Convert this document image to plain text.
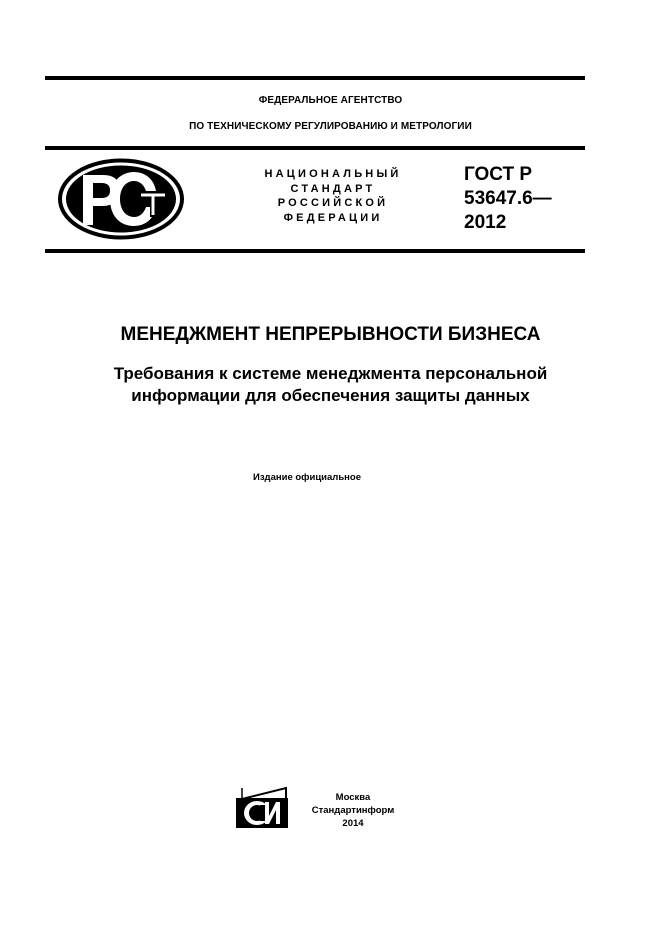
ФЕДЕРАЛЬНОЕ АГЕНТСТВО
ПО ТЕХНИЧЕСКОМУ РЕГУЛИРОВАНИЮ И МЕТРОЛОГИИ
НАЦИОНАЛЬНЫЙ
СТАНДАРТ
РОССИЙСКОЙ
ФЕДЕРАЦИИ
ГОСТ Р
53647.6—
2012
МЕНЕДЖМЕНТ НЕПРЕРЫВНОСТИ БИЗНЕСА
Требования к системе менеджмента персональной
информации для обеспечения защиты данных
Издание официальное
Москва
Стандартинформ
2014
